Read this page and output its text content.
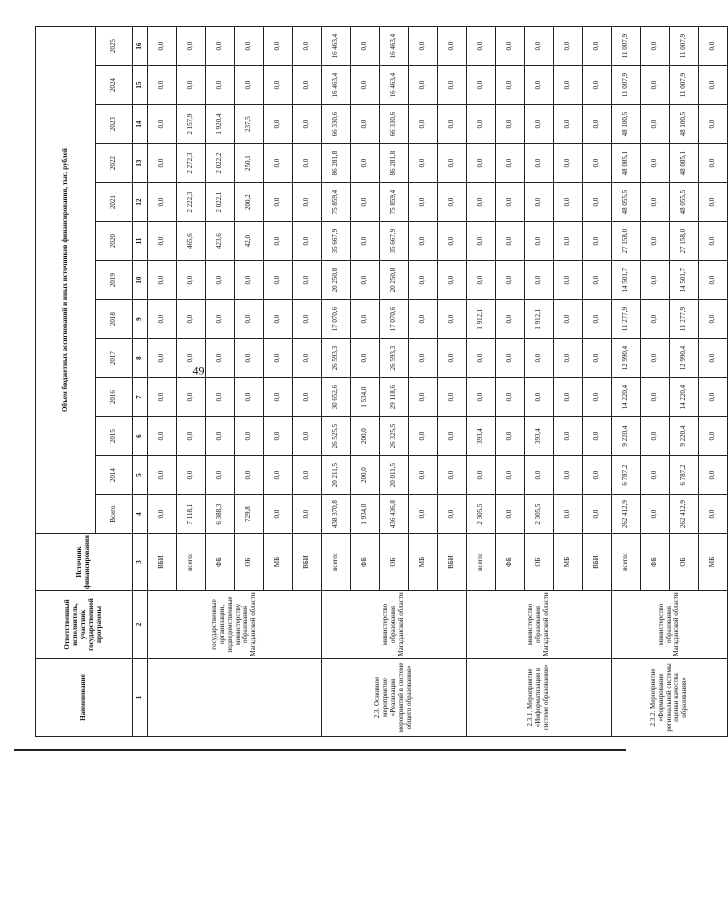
Наименование	Ответственный исполнитель, участник государственной программы	Источник финансирования	Объем бюджетных ассигнований и иных источников финансирования, тыс. рублей												
			Всего	2014	2015	2016	2017	2018	2019	2020	2021	2022	2023	2024	2025
1	2	3	4	5	6	7	8	9	10	11	12	13	14	15	16
	государственные организации, подведомственные министерству образования Магаданской области	ВБИ	0,0	0,0	0,0	0,0	0,0	0,0	0,0	0,0	0,0	0,0	0,0	0,0	0,0
		всего:	7 118,1	0,0	0,0	0,0	0,0	0,0	0,0	465,6	2 222,3	2 272,3	2 157,9	0,0	0,0
		ФБ	6 388,3	0,0	0,0	0,0	0,0	0,0	0,0	423,6	2 022,1	2 022,2	1 920,4	0,0	0,0
		ОБ	729,8	0,0	0,0	0,0	0,0	0,0	0,0	42,0	200,2	250,1	237,5	0,0	0,0
		МБ	0,0	0,0	0,0	0,0	0,0	0,0	0,0	0,0	0,0	0,0	0,0	0,0	0,0
		ВБИ	0,0	0,0	0,0	0,0	0,0	0,0	0,0	0,0	0,0	0,0	0,0	0,0	0,0
2.3. Основное мероприятие «Реализация мероприятий в системе общего образования»	министерство образования Магаданской области	всего:	438 370,8	20 211,5	26 525,5	30 652,6	26 593,3	17 070,6	20 250,8	35 667,9	75 859,4	86 281,8	66 330,6	16 463,4	16 463,4
		ФБ	1 934,0	200,0	200,0	1 534,0	0,0	0,0	0,0	0,0	0,0	0,0	0,0	0,0	0,0
		ОБ	436 436,8	20 011,5	26 325,5	29 118,6	26 593,3	17 070,6	20 250,8	35 667,9	75 859,4	86 281,8	66 330,6	16 463,4	16 463,4
		МБ	0,0	0,0	0,0	0,0	0,0	0,0	0,0	0,0	0,0	0,0	0,0	0,0	0,0
		ВБИ	0,0	0,0	0,0	0,0	0,0	0,0	0,0	0,0	0,0	0,0	0,0	0,0	0,0
2.3.1. Мероприятие «Информатизация в системе образования»	министерство образования Магаданской области	всего:	2 305,5	0,0	393,4	0,0	0,0	1 912,1	0,0	0,0	0,0	0,0	0,0	0,0	0,0
		ФБ	0,0	0,0	0,0	0,0	0,0	0,0	0,0	0,0	0,0	0,0	0,0	0,0	0,0
		ОБ	2 305,5	0,0	393,4	0,0	0,0	1 912,1	0,0	0,0	0,0	0,0	0,0	0,0	0,0
		МБ	0,0	0,0	0,0	0,0	0,0	0,0	0,0	0,0	0,0	0,0	0,0	0,0	0,0
		ВБИ	0,0	0,0	0,0	0,0	0,0	0,0	0,0	0,0	0,0	0,0	0,0	0,0	0,0
2.3.2. Мероприятие «Формирование региональной системы оценки качества образования»	министерство образования Магаданской области	всего:	262 412,9	6 787,2	9 220,4	14 220,4	12 990,4	11 277,9	14 501,7	27 158,0	48 055,5	48 085,1	48 100,5	11 007,9	11 007,9
		ФБ	0,0	0,0	0,0	0,0	0,0	0,0	0,0	0,0	0,0	0,0	0,0	0,0	0,0
		ОБ	262 412,9	6 787,2	9 220,4	14 220,4	12 990,4	11 277,9	14 501,7	27 158,0	48 055,5	48 085,1	48 100,5	11 007,9	11 007,9
		МБ	0,0	0,0	0,0	0,0	0,0	0,0	0,0	0,0	0,0	0,0	0,0	0,0	0,0
49
